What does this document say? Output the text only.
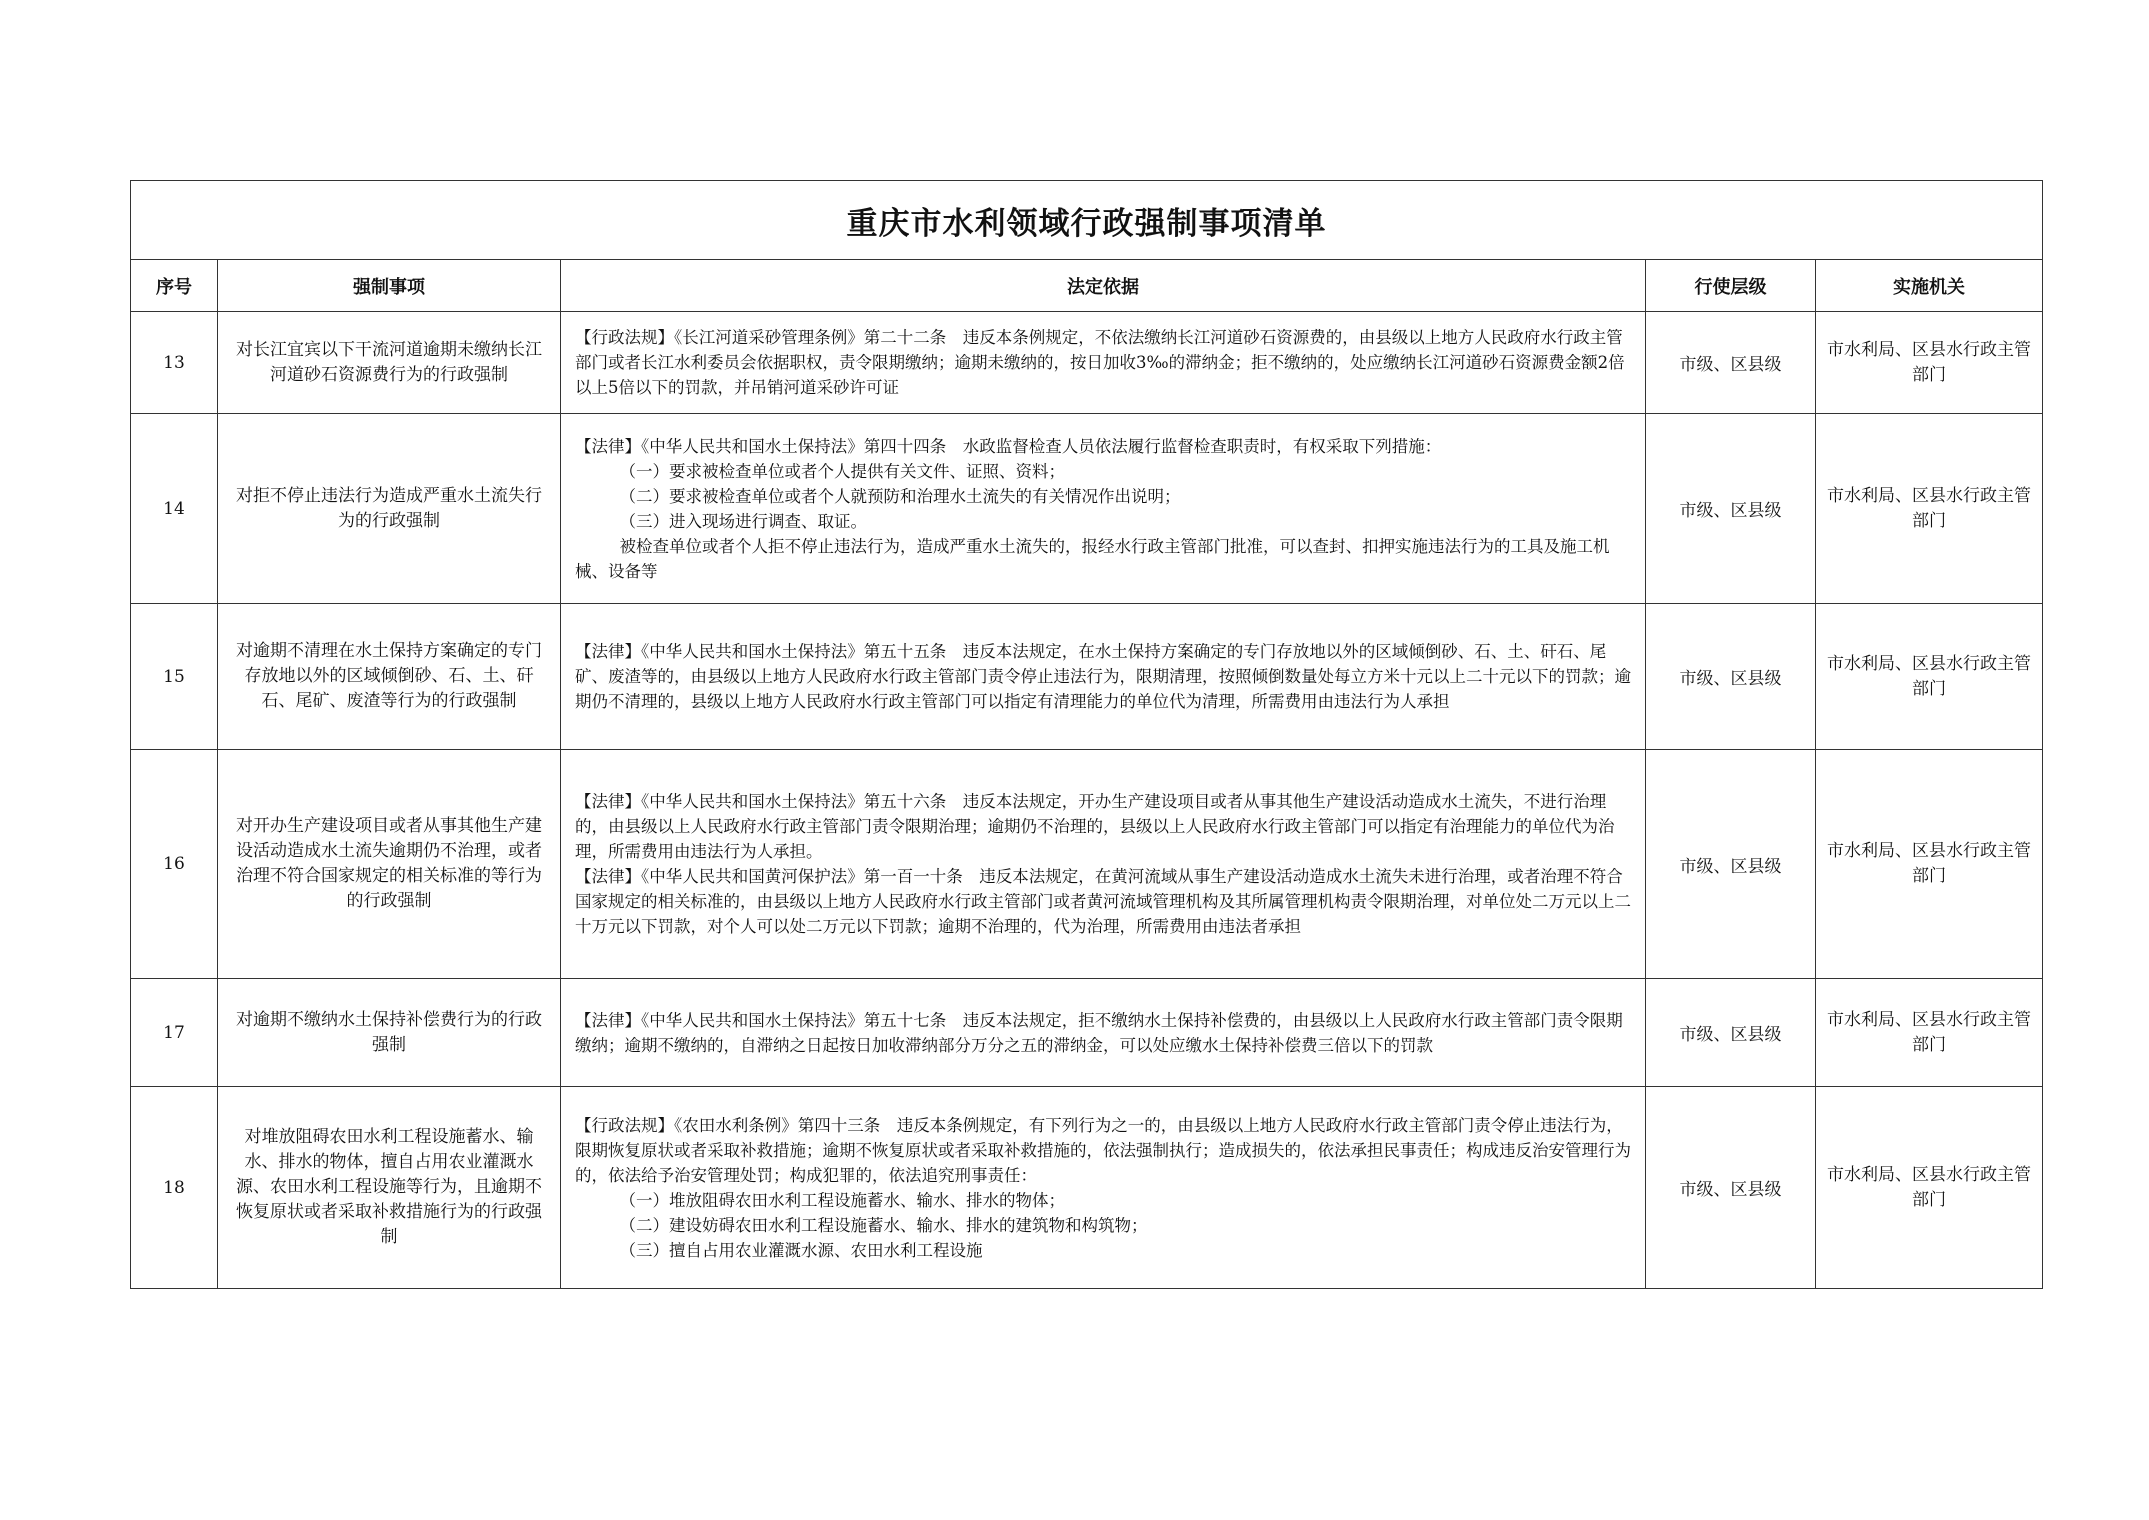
重庆市水利领域行政强制事项清单				
序号	强制事项	法定依据	行使层级	实施机关
13	对长江宜宾以下干流河道逾期未缴纳长江河道砂石资源费行为的行政强制	【行政法规】《长江河道采砂管理条例》第二十二条　违反本条例规定，不依法缴纳长江河道砂石资源费的，由县级以上地方人民政府水行政主管部门或者长江水利委员会依据职权，责令限期缴纳；逾期未缴纳的，按日加收3‰的滞纳金；拒不缴纳的，处应缴纳长江河道砂石资源费金额2倍以上5倍以下的罚款，并吊销河道采砂许可证	市级、区县级	市水利局、区县水行政主管部门
14	对拒不停止违法行为造成严重水土流失行为的行政强制	【法律】《中华人民共和国水土保持法》第四十四条　水政监督检查人员依法履行监督检查职责时，有权采取下列措施：
（一）要求被检查单位或者个人提供有关文件、证照、资料；
（二）要求被检查单位或者个人就预防和治理水土流失的有关情况作出说明；
（三）进入现场进行调查、取证。
被检查单位或者个人拒不停止违法行为，造成严重水土流失的，报经水行政主管部门批准，可以查封、扣押实施违法行为的工具及施工机械、设备等	市级、区县级	市水利局、区县水行政主管部门
15	对逾期不清理在水土保持方案确定的专门存放地以外的区域倾倒砂、石、土、矸石、尾矿、废渣等行为的行政强制	【法律】《中华人民共和国水土保持法》第五十五条　违反本法规定，在水土保持方案确定的专门存放地以外的区域倾倒砂、石、土、矸石、尾矿、废渣等的，由县级以上地方人民政府水行政主管部门责令停止违法行为，限期清理，按照倾倒数量处每立方米十元以上二十元以下的罚款；逾期仍不清理的，县级以上地方人民政府水行政主管部门可以指定有清理能力的单位代为清理，所需费用由违法行为人承担	市级、区县级	市水利局、区县水行政主管部门
16	对开办生产建设项目或者从事其他生产建设活动造成水土流失逾期仍不治理，或者治理不符合国家规定的相关标准的等行为的行政强制	【法律】《中华人民共和国水土保持法》第五十六条　违反本法规定，开办生产建设项目或者从事其他生产建设活动造成水土流失，不进行治理的，由县级以上人民政府水行政主管部门责令限期治理；逾期仍不治理的，县级以上人民政府水行政主管部门可以指定有治理能力的单位代为治理，所需费用由违法行为人承担。
【法律】《中华人民共和国黄河保护法》第一百一十条　违反本法规定，在黄河流域从事生产建设活动造成水土流失未进行治理，或者治理不符合国家规定的相关标准的，由县级以上地方人民政府水行政主管部门或者黄河流域管理机构及其所属管理机构责令限期治理，对单位处二万元以上二十万元以下罚款，对个人可以处二万元以下罚款；逾期不治理的，代为治理，所需费用由违法者承担	市级、区县级	市水利局、区县水行政主管部门
17	对逾期不缴纳水土保持补偿费行为的行政强制	【法律】《中华人民共和国水土保持法》第五十七条　违反本法规定，拒不缴纳水土保持补偿费的，由县级以上人民政府水行政主管部门责令限期缴纳；逾期不缴纳的，自滞纳之日起按日加收滞纳部分万分之五的滞纳金，可以处应缴水土保持补偿费三倍以下的罚款	市级、区县级	市水利局、区县水行政主管部门
18	对堆放阻碍农田水利工程设施蓄水、输水、排水的物体，擅自占用农业灌溉水源、农田水利工程设施等行为，且逾期不恢复原状或者采取补救措施行为的行政强制	【行政法规】《农田水利条例》第四十三条　违反本条例规定，有下列行为之一的，由县级以上地方人民政府水行政主管部门责令停止违法行为，限期恢复原状或者采取补救措施；逾期不恢复原状或者采取补救措施的，依法强制执行；造成损失的，依法承担民事责任；构成违反治安管理行为的，依法给予治安管理处罚；构成犯罪的，依法追究刑事责任：
（一）堆放阻碍农田水利工程设施蓄水、输水、排水的物体；
（二）建设妨碍农田水利工程设施蓄水、输水、排水的建筑物和构筑物；
（三）擅自占用农业灌溉水源、农田水利工程设施	市级、区县级	市水利局、区县水行政主管部门
